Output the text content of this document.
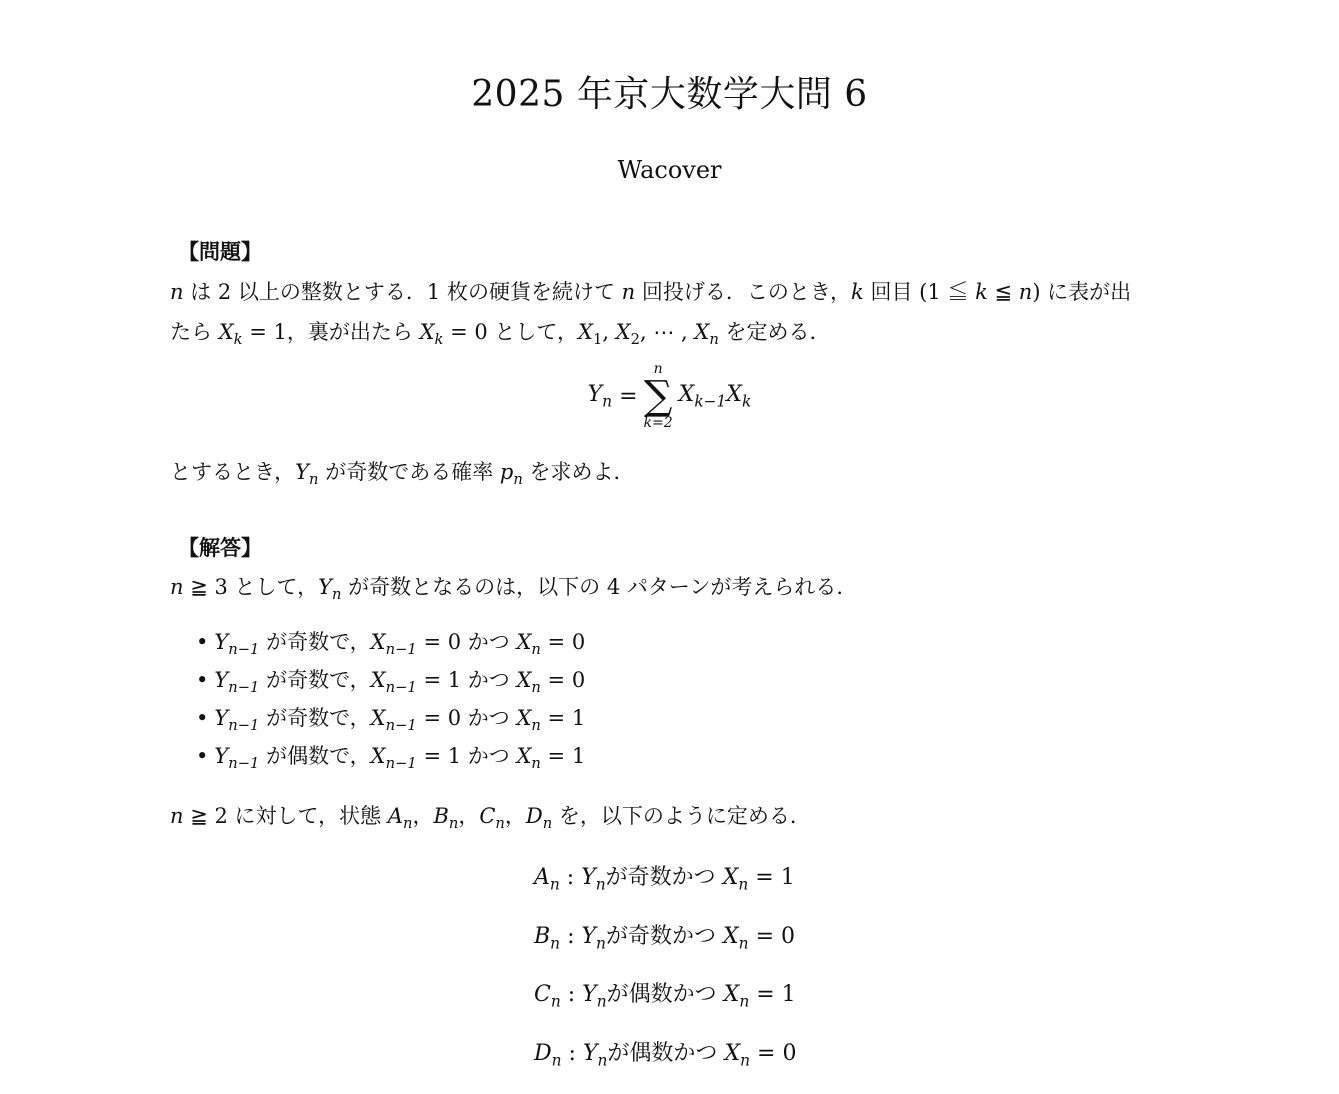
2025 年京大数学大問 6
Wacover
【問題】
n は 2 以上の整数とする．1 枚の硬貨を続けて n 回投げる．このとき，k 回目 (1 ≦ k ≦ n) に表が出
たら $X_k = 1$，裏が出たら $X_k = 0$ として，$X_1$, $X_2$, ⋯ , $X_n$ を定める．
$Y_n$
=
n
∑
k=2
$X_{k-1}X_k$
とするとき，$Y_n$ が奇数である確率 $p_n$ を求めよ．
【解答】
n ≧ 3 として，$Y_n$ が奇数となるのは，以下の 4 パターンが考えられる．
• $Y_{n-1}$ が奇数で，$X_{n-1} = 0$ かつ $X_n = 0$
• $Y_{n-1}$ が奇数で，$X_{n-1} = 1$ かつ $X_n = 0$
• $Y_{n-1}$ が奇数で，$X_{n-1} = 0$ かつ $X_n = 1$
• $Y_{n-1}$ が偶数で，$X_{n-1} = 1$ かつ $X_n = 1$
n ≧ 2 に対して，状態 $A_n$，$B_n$，$C_n$，$D_n$ を，以下のように定める．
$A_n$ : $Y_n$が奇数かつ $X_n = 1$
$B_n$ : $Y_n$が奇数かつ $X_n = 0$
$C_n$ : $Y_n$が偶数かつ $X_n = 1$
$D_n$ : $Y_n$が偶数かつ $X_n = 0$
